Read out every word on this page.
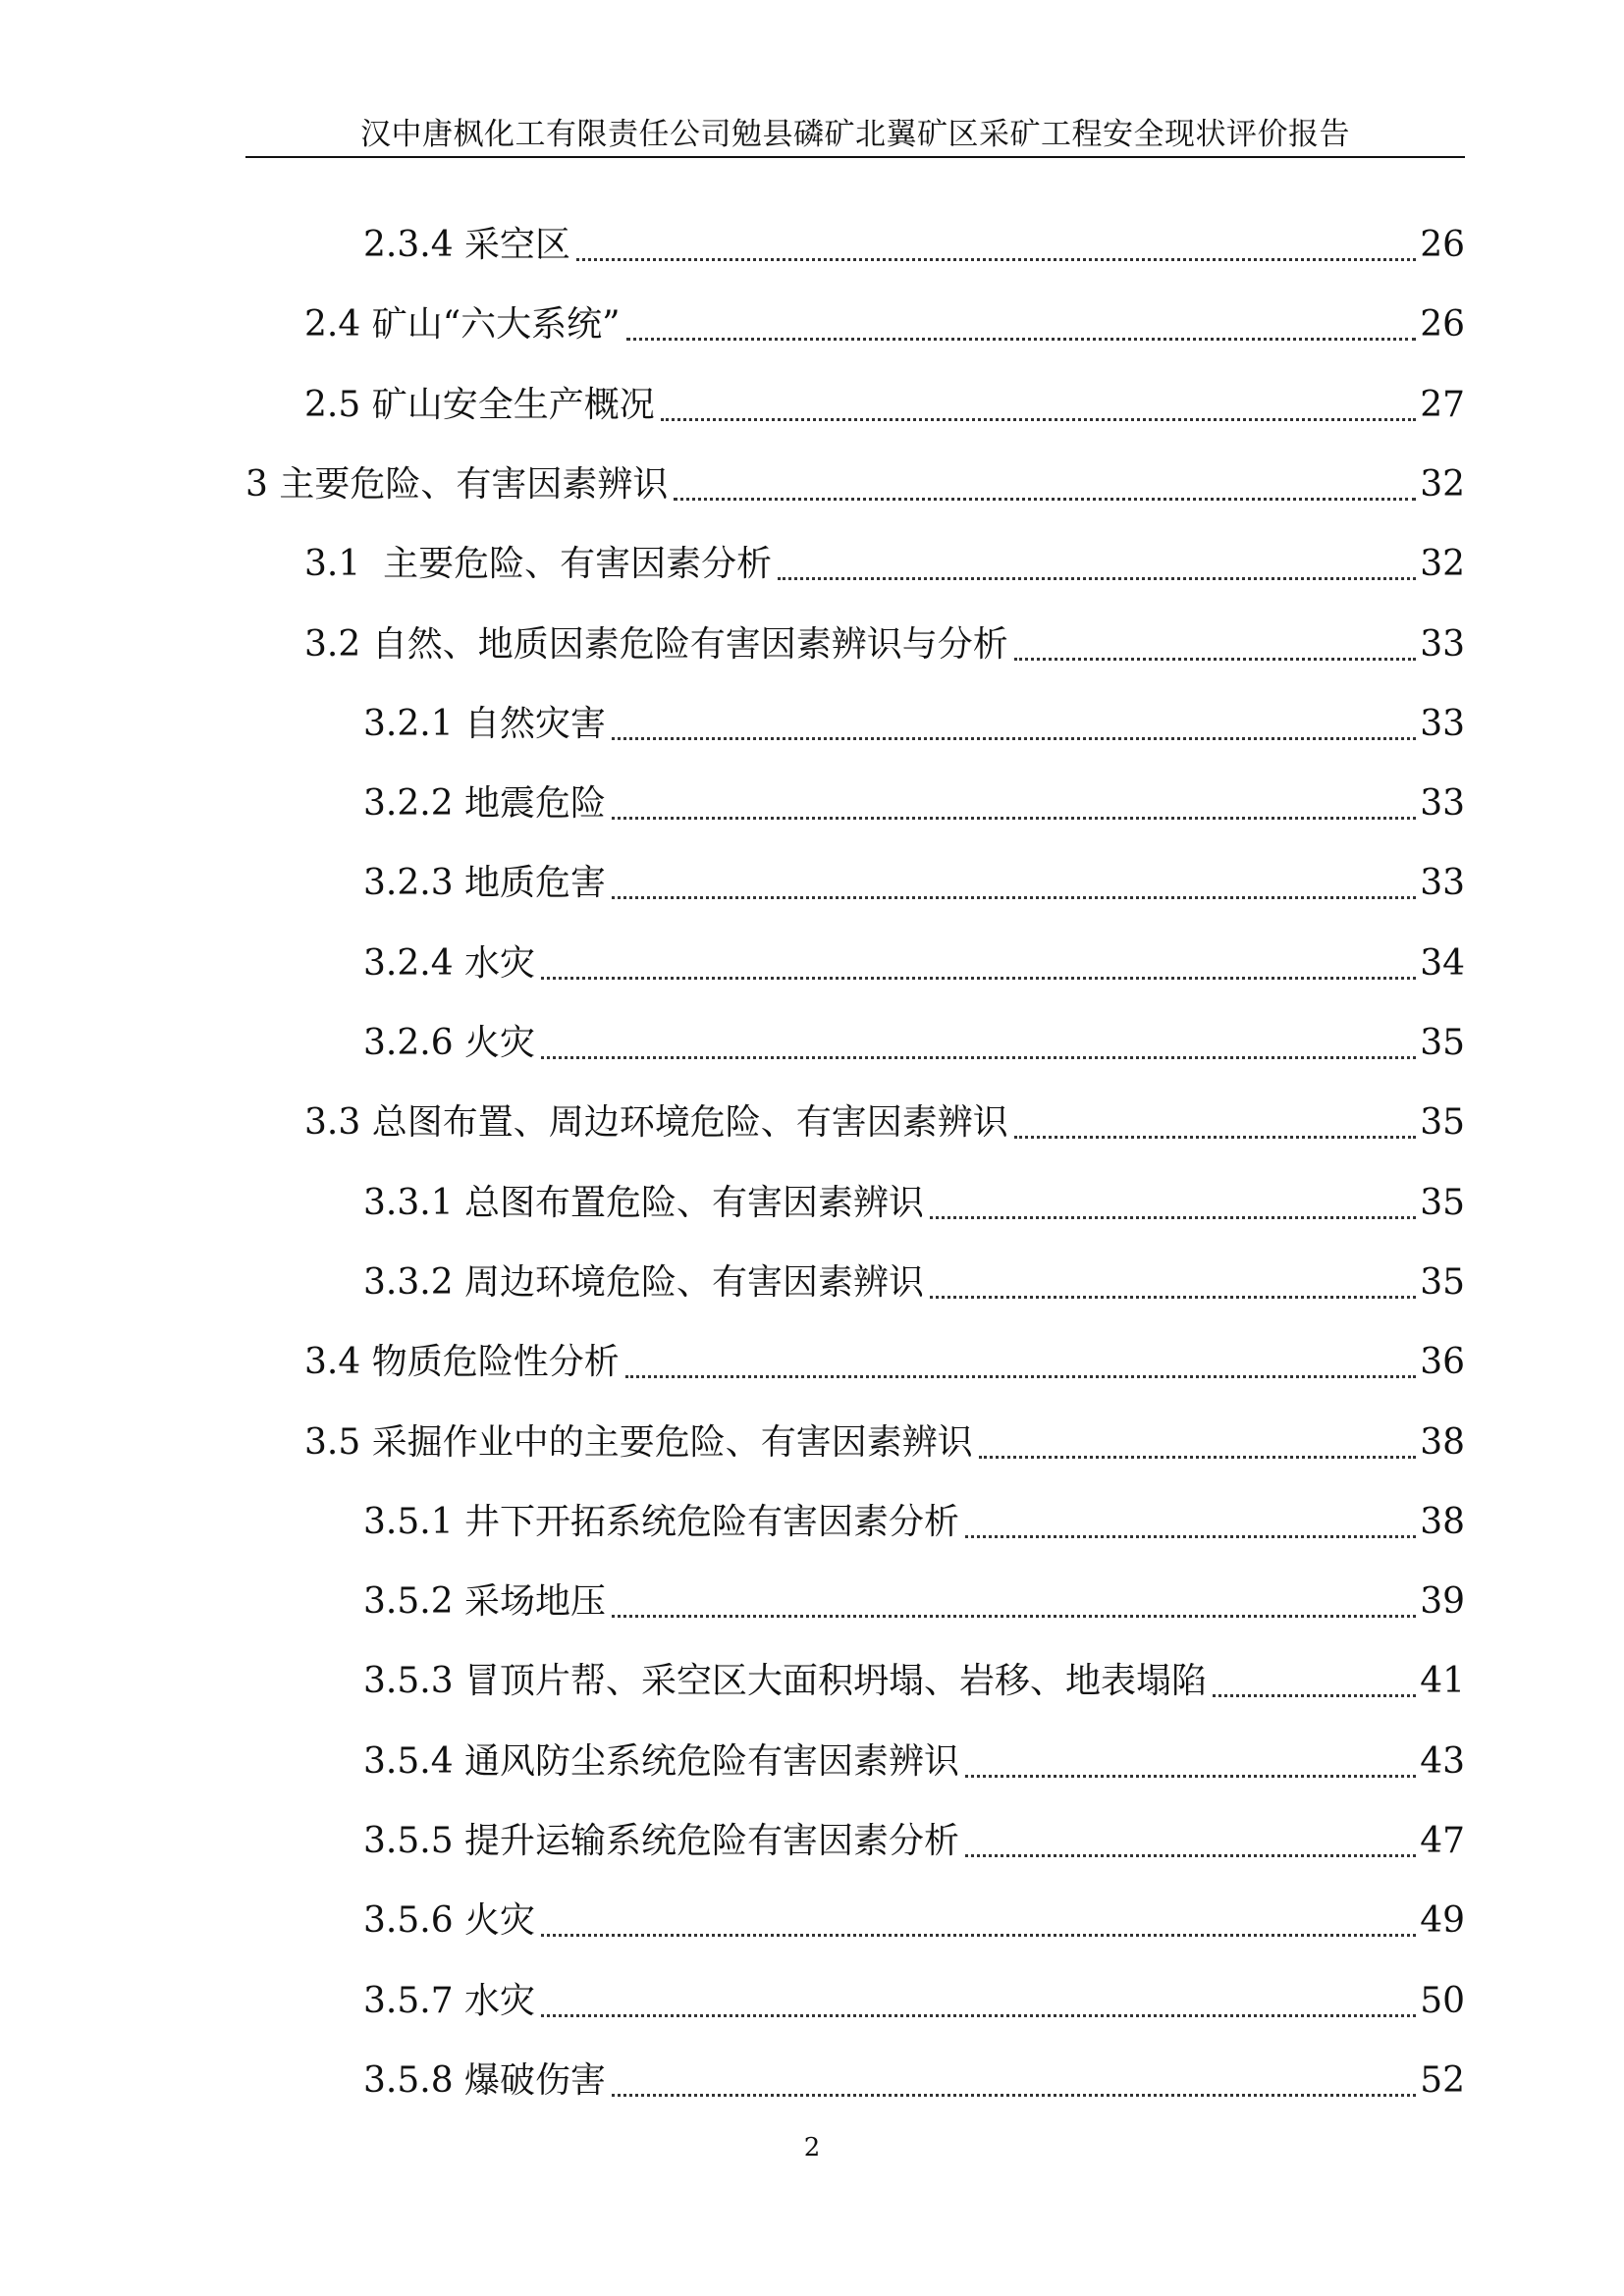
汉中唐枫化工有限责任公司勉县磷矿北翼矿区采矿工程安全现状评价报告
2.3.4 采空区	26
2.4 矿山“六大系统”	26
2.5 矿山安全生产概况	27
3 主要危险、有害因素辨识	32
3.1  主要危险、有害因素分析	32
3.2 自然、地质因素危险有害因素辨识与分析	33
3.2.1 自然灾害	33
3.2.2 地震危险	33
3.2.3 地质危害	33
3.2.4 水灾	34
3.2.6 火灾	35
3.3 总图布置、周边环境危险、有害因素辨识	35
3.3.1 总图布置危险、有害因素辨识	35
3.3.2 周边环境危险、有害因素辨识	35
3.4 物质危险性分析	36
3.5 采掘作业中的主要危险、有害因素辨识	38
3.5.1 井下开拓系统危险有害因素分析	38
3.5.2 采场地压	39
3.5.3 冒顶片帮、采空区大面积坍塌、岩移、地表塌陷	41
3.5.4 通风防尘系统危险有害因素辨识	43
3.5.5 提升运输系统危险有害因素分析	47
3.5.6 火灾	49
3.5.7 水灾	50
3.5.8 爆破伤害	52
2
